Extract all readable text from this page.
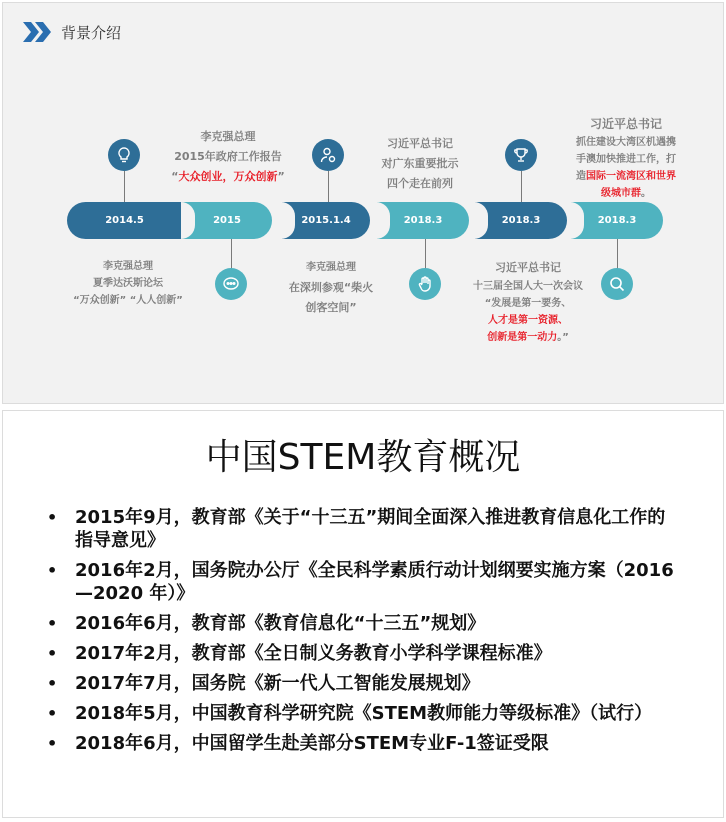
背景介绍
2014.5	2015	2015.1.4	2018.3	2018.3	2018.3
李克强总理
2015年政府工作报告
“大众创业，万众创新”
习近平总书记
对广东重要批示
四个走在前列
习近平总书记
抓住建设大湾区机遇携
手澳加快推进工作，打
造国际一流湾区和世界
级城市群。
李克强总理
夏季达沃斯论坛
“万众创新” “人人创新”
李克强总理
在深圳参观“柴火
创客空间”
习近平总书记
十三届全国人大一次会议
“发展是第一要务、
人才是第一资源、
创新是第一动力。”
中国STEM教育概况
• 2015年9月，教育部《关于“十三五”期间全面深入推进教育信息化工作的指导意见》
• 2016年2月，国务院办公厅《全民科学素质行动计划纲要实施方案（2016—2020 年）》
• 2016年6月，教育部《教育信息化“十三五”规划》
• 2017年2月，教育部《全日制义务教育小学科学课程标准》
• 2017年7月，国务院《新一代人工智能发展规划》
• 2018年5月，中国教育科学研究院《STEM教师能力等级标准》（试行）
• 2018年6月，中国留学生赴美部分STEM专业F-1签证受限
